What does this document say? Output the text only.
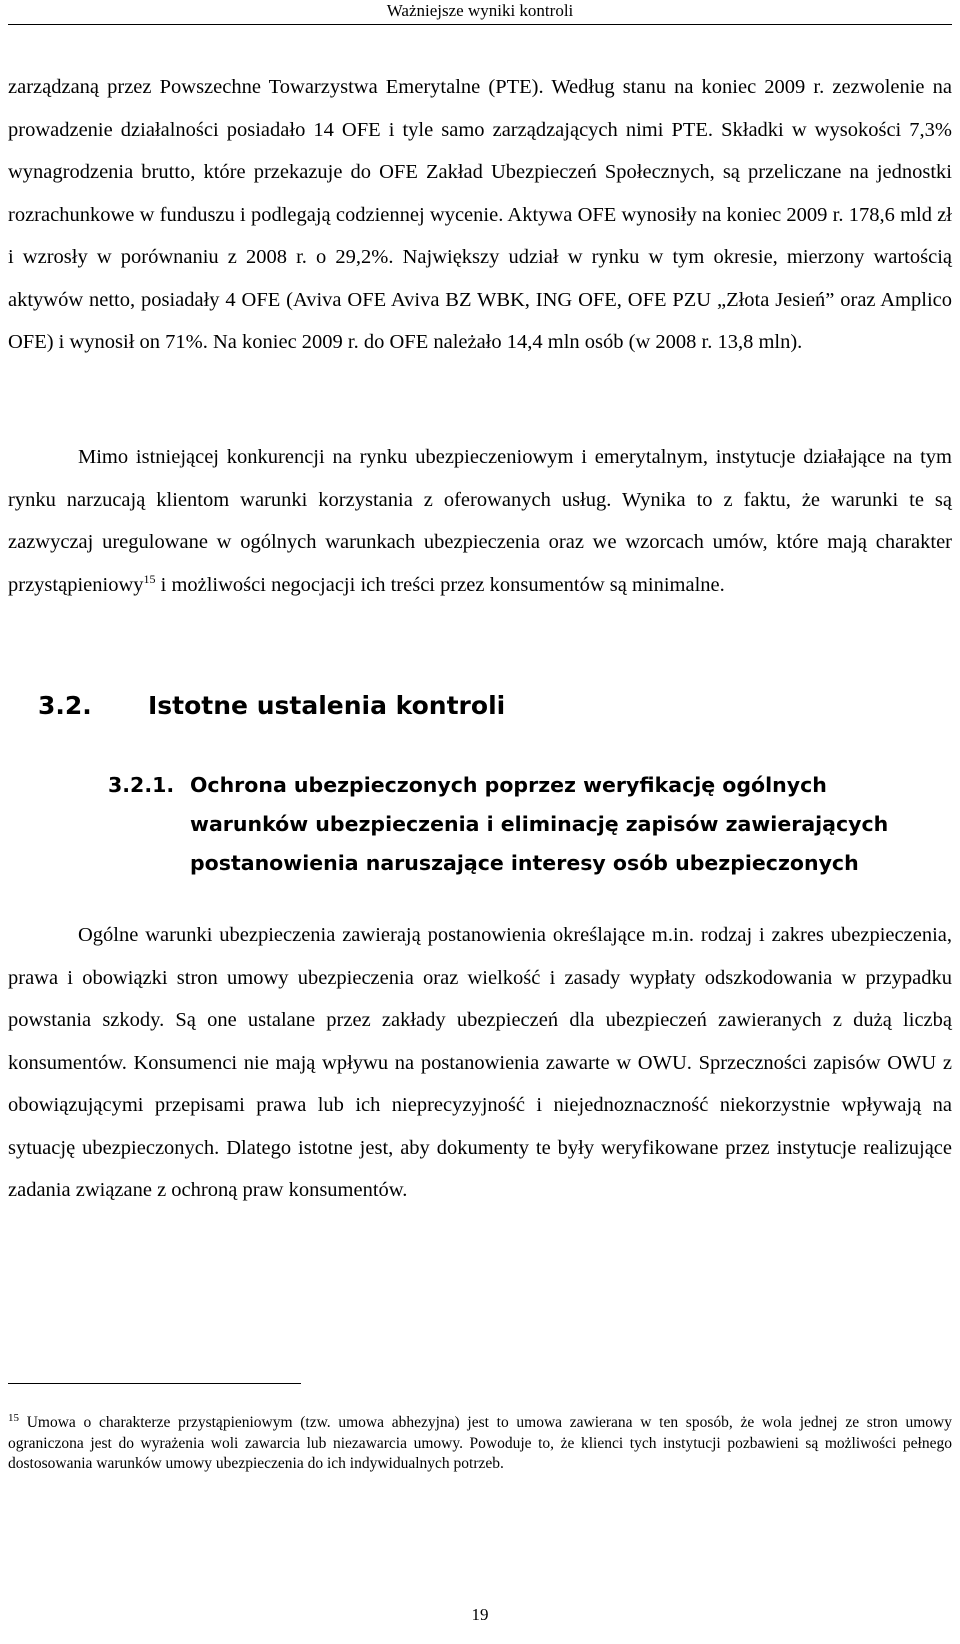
Ważniejsze wyniki kontroli

zarządzaną przez Powszechne Towarzystwa Emerytalne (PTE). Według stanu na koniec 2009 r. zezwolenie na prowadzenie działalności posiadało 14 OFE i tyle samo zarządzających nimi PTE. Składki w wysokości 7,3% wynagrodzenia brutto, które przekazuje do OFE Zakład Ubezpieczeń Społecznych, są przeliczane na jednostki rozrachunkowe w funduszu i podlegają codziennej wycenie. Aktywa OFE wynosiły na koniec 2009 r. 178,6 mld zł i wzrosły w porównaniu z 2008 r. o 29,2%. Największy udział w rynku w tym okresie, mierzony wartością aktywów netto, posiadały 4 OFE (Aviva OFE Aviva BZ WBK, ING OFE, OFE PZU „Złota Jesień” oraz Amplico OFE) i wynosił on 71%. Na koniec 2009 r. do OFE należało 14,4 mln osób (w 2008 r. 13,8 mln).

Mimo istniejącej konkurencji na rynku ubezpieczeniowym i emerytalnym, instytucje działające na tym rynku narzucają klientom warunki korzystania z oferowanych usług. Wynika to z faktu, że warunki te są zazwyczaj uregulowane w ogólnych warunkach ubezpieczenia oraz we wzorcach umów, które mają charakter przystąpieniowy$^{15}$ i możliwości negocjacji ich treści przez konsumentów są minimalne.

3.2. Istotne ustalenia kontroli
3.2.1. Ochrona ubezpieczonych poprzez weryfikację ogólnych warunków ubezpieczenia i eliminację zapisów zawierających postanowienia naruszające interesy osób ubezpieczonych

Ogólne warunki ubezpieczenia zawierają postanowienia określające m.in. rodzaj i zakres ubezpieczenia, prawa i obowiązki stron umowy ubezpieczenia oraz wielkość i zasady wypłaty odszkodowania w przypadku powstania szkody. Są one ustalane przez zakłady ubezpieczeń dla ubezpieczeń zawieranych z dużą liczbą konsumentów. Konsumenci nie mają wpływu na postanowienia zawarte w OWU. Sprzeczności zapisów OWU z obowiązującymi przepisami prawa lub ich nieprecyzyjność i niejednoznaczność niekorzystnie wpływają na sytuację ubezpieczonych. Dlatego istotne jest, aby dokumenty te były weryfikowane przez instytucje realizujące zadania związane z ochroną praw konsumentów.

$^{15}$ Umowa o charakterze przystąpieniowym (tzw. umowa abhezyjna) jest to umowa zawierana w ten sposób, że wola jednej ze stron umowy ograniczona jest do wyrażenia woli zawarcia lub niezawarcia umowy. Powoduje to, że klienci tych instytucji pozbawieni są możliwości pełnego dostosowania warunków umowy ubezpieczenia do ich indywidualnych potrzeb.

19
